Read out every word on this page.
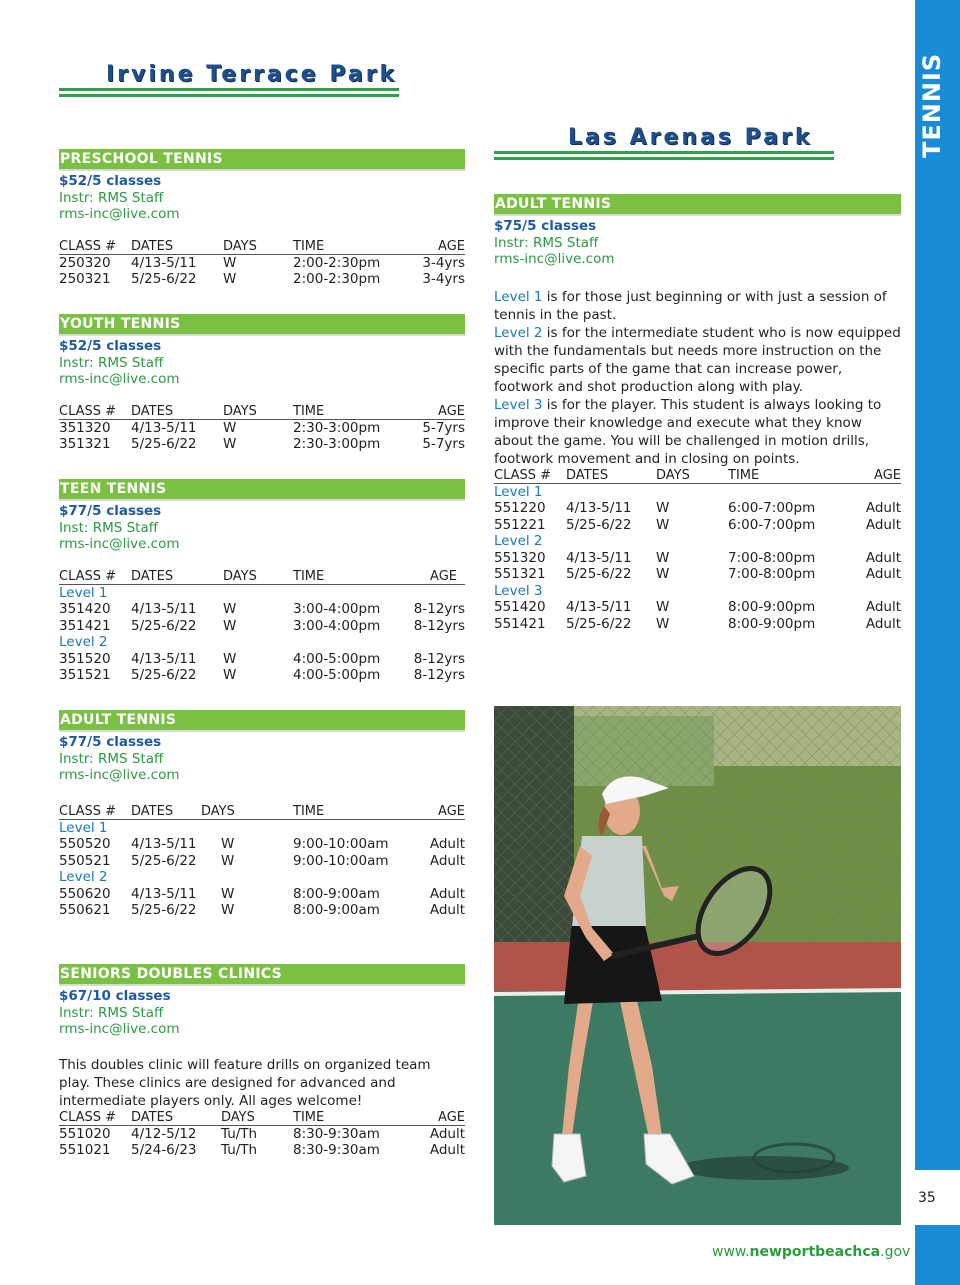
TENNIS
35
Irvine Terrace Park
Las Arenas Park
PRESCHOOL TENNIS
$52/5 classes
Instr: RMS Staff
rms-inc@live.com
CLASS #	DATES	DAYS	TIME	AGE
250320	4/13-5/11	W	2:00-2:30pm	3-4yrs
250321	5/25-6/22	W	2:00-2:30pm	3-4yrs
YOUTH TENNIS
$52/5 classes
Instr: RMS Staff
rms-inc@live.com
CLASS #	DATES	DAYS	TIME	AGE
351320	4/13-5/11	W	2:30-3:00pm	5-7yrs
351321	5/25-6/22	W	2:30-3:00pm	5-7yrs
TEEN TENNIS
$77/5 classes
Inst: RMS Staff
rms-inc@live.com
CLASS #	DATES	DAYS	TIME	AGE
Level 1				
351420	4/13-5/11	W	3:00-4:00pm	8-12yrs
351421	5/25-6/22	W	3:00-4:00pm	8-12yrs
Level 2				
351520	4/13-5/11	W	4:00-5:00pm	8-12yrs
351521	5/25-6/22	W	4:00-5:00pm	8-12yrs
ADULT TENNIS
$77/5 classes
Instr: RMS Staff
rms-inc@live.com
CLASS #	DATES	DAYS	TIME	AGE
Level 1				
550520	4/13-5/11	W	9:00-10:00am	Adult
550521	5/25-6/22	W	9:00-10:00am	Adult
Level 2				
550620	4/13-5/11	W	8:00-9:00am	Adult
550621	5/25-6/22	W	8:00-9:00am	Adult
SENIORS DOUBLES CLINICS
$67/10 classes
Instr: RMS Staff
rms-inc@live.com
This doubles clinic will feature drills on organized team play. These clinics are designed for advanced and intermediate players only. All ages welcome!
CLASS #	DATES	DAYS	TIME	AGE
551020	4/12-5/12	Tu/Th	8:30-9:30am	Adult
551021	5/24-6/23	Tu/Th	8:30-9:30am	Adult
ADULT TENNIS
$75/5 classes
Instr: RMS Staff
rms-inc@live.com
Level 1 is for those just beginning or with just a session of tennis in the past.
Level 2 is for the intermediate student who is now equipped with the fundamentals but needs more instruction on the specific parts of the game that can increase power, footwork and shot production along with play.
Level 3 is for the player. This student is always looking to improve their knowledge and execute what they know about the game. You will be challenged in motion drills, footwork movement and in closing on points.
CLASS #	DATES	DAYS	TIME	AGE
Level 1				
551220	4/13-5/11	W	6:00-7:00pm	Adult
551221	5/25-6/22	W	6:00-7:00pm	Adult
Level 2				
551320	4/13-5/11	W	7:00-8:00pm	Adult
551321	5/25-6/22	W	7:00-8:00pm	Adult
Level 3				
551420	4/13-5/11	W	8:00-9:00pm	Adult
551421	5/25-6/22	W	8:00-9:00pm	Adult
www.newportbeachca.gov
